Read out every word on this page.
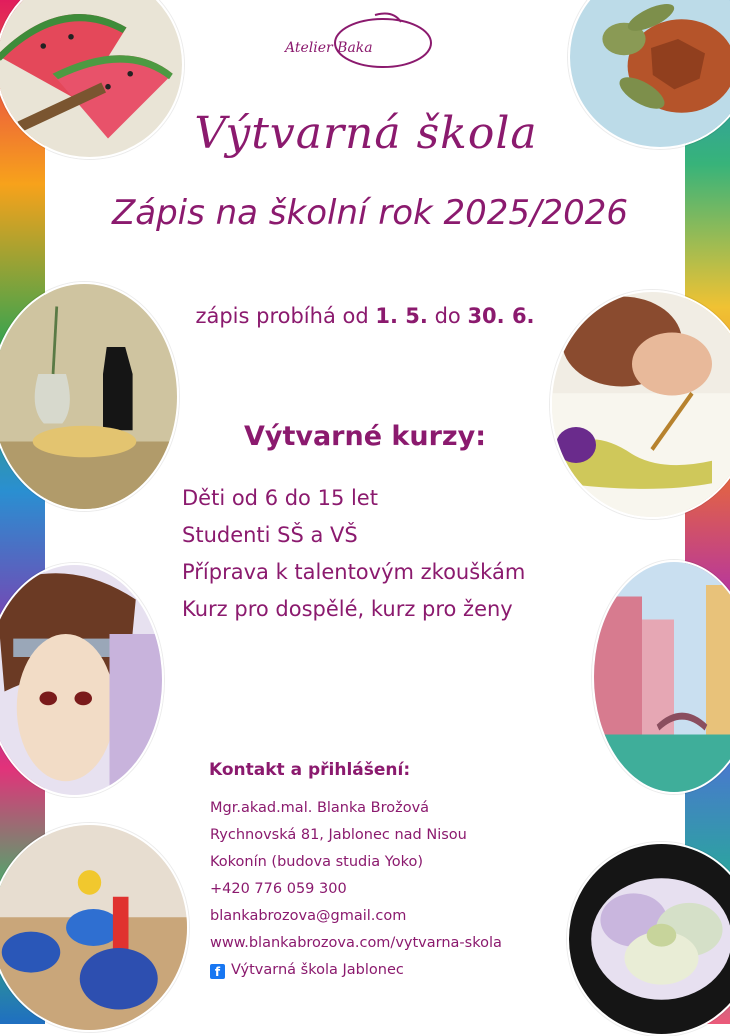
Atelier Baka
Výtvarná škola
Zápis na školní rok 2025/2026
zápis probíhá od 1. 5. do 30. 6.
Výtvarné kurzy:
Děti od 6 do 15 let
Studenti SŠ a VŠ
Příprava k talentovým zkouškám
Kurz pro dospělé, kurz pro ženy
Kontakt a přihlášení:
Mgr.akad.mal. Blanka Brožová
Rychnovská 81, Jablonec nad Nisou
Kokonín (budova studia Yoko)
+420 776 059 300
blankabrozova@gmail.com
www.blankabrozova.com/vytvarna-skola
f Výtvarná škola Jablonec
